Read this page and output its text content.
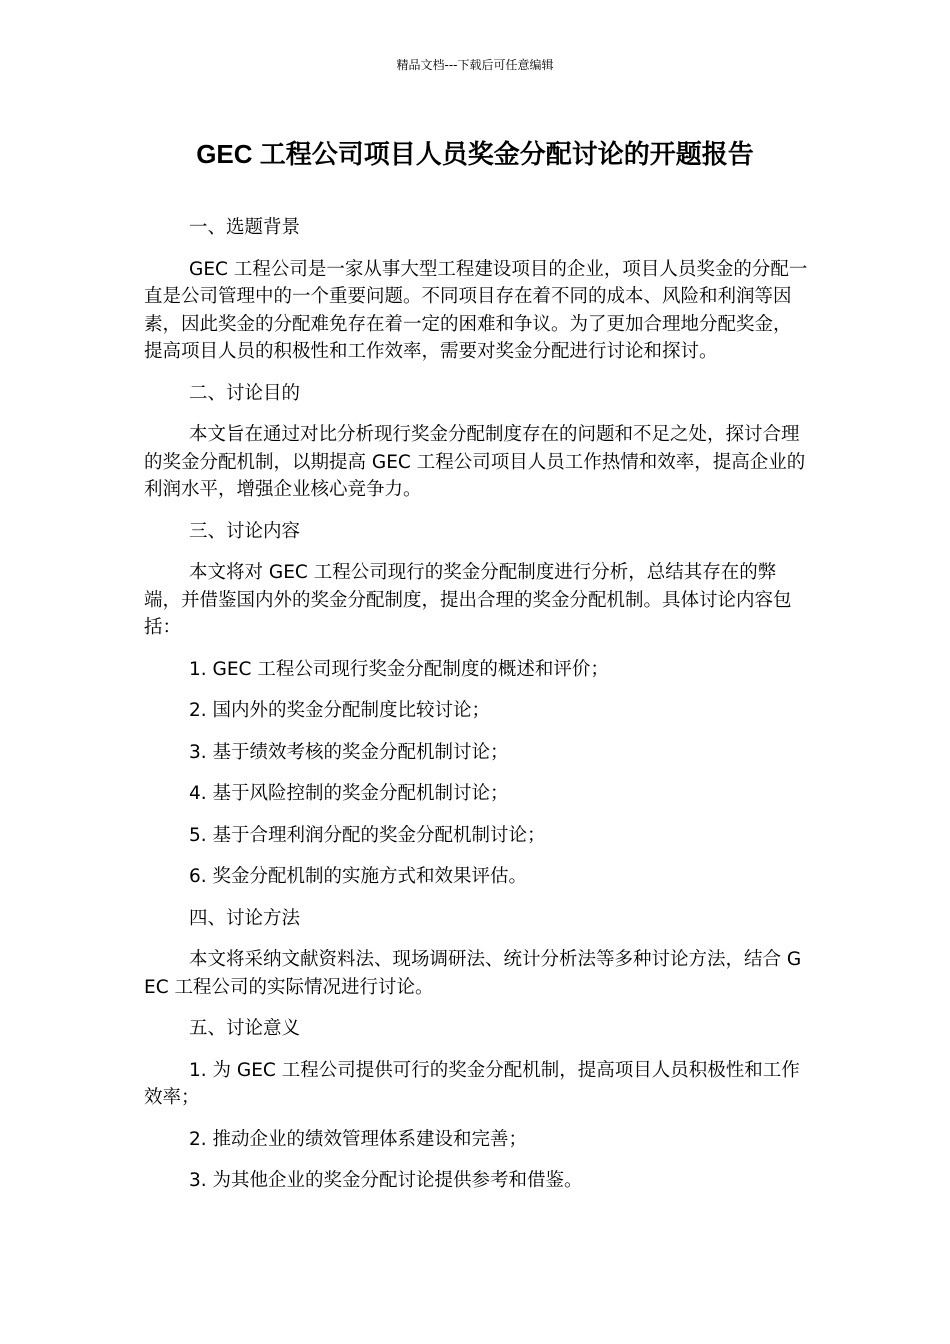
精品文档---下载后可任意编辑
GEC 工程公司项目人员奖金分配讨论的开题报告

一、选题背景

GEC 工程公司是一家从事大型工程建设项目的企业，项目人员奖金的分配一直是公司管理中的一个重要问题。不同项目存在着不同的成本、风险和利润等因素，因此奖金的分配难免存在着一定的困难和争议。为了更加合理地分配奖金，提高项目人员的积极性和工作效率，需要对奖金分配进行讨论和探讨。

二、讨论目的

本文旨在通过对比分析现行奖金分配制度存在的问题和不足之处，探讨合理的奖金分配机制，以期提高 GEC 工程公司项目人员工作热情和效率，提高企业的利润水平，增强企业核心竞争力。

三、讨论内容

本文将对 GEC 工程公司现行的奖金分配制度进行分析，总结其存在的弊端，并借鉴国内外的奖金分配制度，提出合理的奖金分配机制。具体讨论内容包括：

1. GEC 工程公司现行奖金分配制度的概述和评价；

2. 国内外的奖金分配制度比较讨论；

3. 基于绩效考核的奖金分配机制讨论；

4. 基于风险控制的奖金分配机制讨论；

5. 基于合理利润分配的奖金分配机制讨论；

6. 奖金分配机制的实施方式和效果评估。

四、讨论方法

本文将采纳文献资料法、现场调研法、统计分析法等多种讨论方法，结合 GEC 工程公司的实际情况进行讨论。

五、讨论意义

1. 为 GEC 工程公司提供可行的奖金分配机制，提高项目人员积极性和工作效率；

2. 推动企业的绩效管理体系建设和完善；

3. 为其他企业的奖金分配讨论提供参考和借鉴。
